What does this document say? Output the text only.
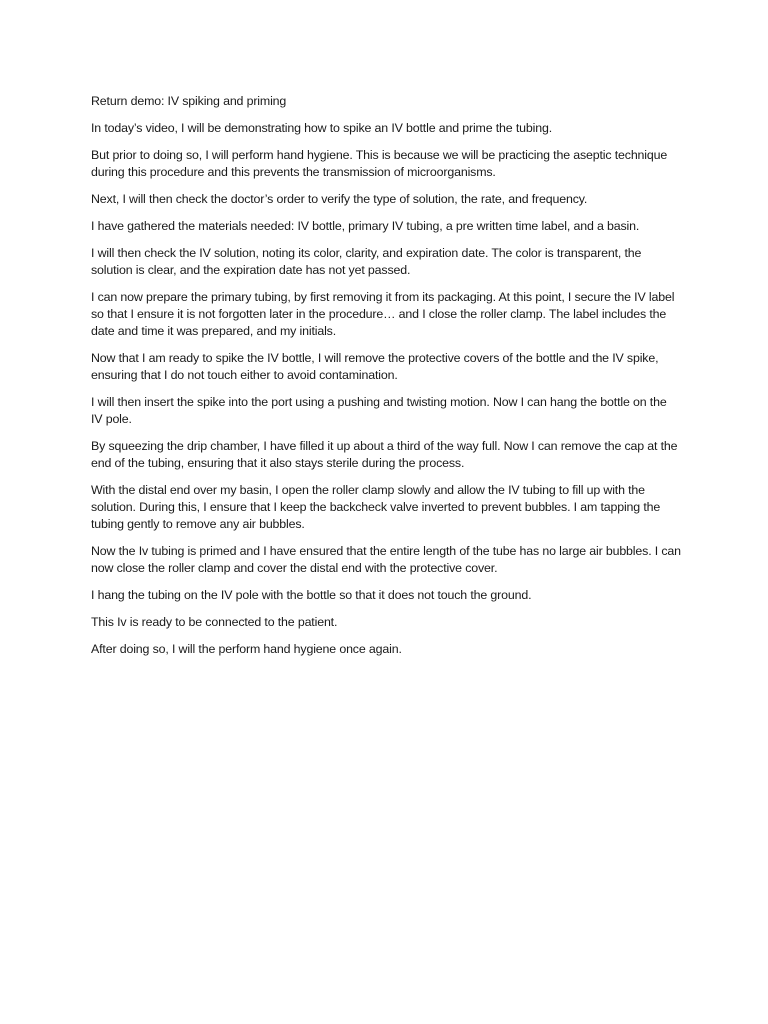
Return demo: IV spiking and priming

In today’s video, I will be demonstrating how to spike an IV bottle and prime the tubing.

But prior to doing so, I will perform hand hygiene. This is because we will be practicing the aseptic technique during this procedure and this prevents the transmission of microorganisms.

Next, I will then check the doctor’s order to verify the type of solution, the rate, and frequency.

I have gathered the materials needed: IV bottle, primary IV tubing, a pre written time label, and a basin.

I will then check the IV solution, noting its color, clarity, and expiration date. The color is transparent, the solution is clear, and the expiration date has not yet passed.

I can now prepare the primary tubing, by first removing it from its packaging. At this point, I secure the IV label so that I ensure it is not forgotten later in the procedure… and I close the roller clamp. The label includes the date and time it was prepared, and my initials.

Now that I am ready to spike the IV bottle, I will remove the protective covers of the bottle and the IV spike, ensuring that I do not touch either to avoid contamination.

I will then insert the spike into the port using a pushing and twisting motion. Now I can hang the bottle on the IV pole.

By squeezing the drip chamber, I have filled it up about a third of the way full. Now I can remove the cap at the end of the tubing, ensuring that it also stays sterile during the process.

With the distal end over my basin, I open the roller clamp slowly and allow the IV tubing to fill up with the solution. During this, I ensure that I keep the backcheck valve inverted to prevent bubbles. I am tapping the tubing gently to remove any air bubbles.

Now the Iv tubing is primed and I have ensured that the entire length of the tube has no large air bubbles. I can now close the roller clamp and cover the distal end with the protective cover.

I hang the tubing on the IV pole with the bottle so that it does not touch the ground.

This Iv is ready to be connected to the patient.

After doing so, I will the perform hand hygiene once again.
